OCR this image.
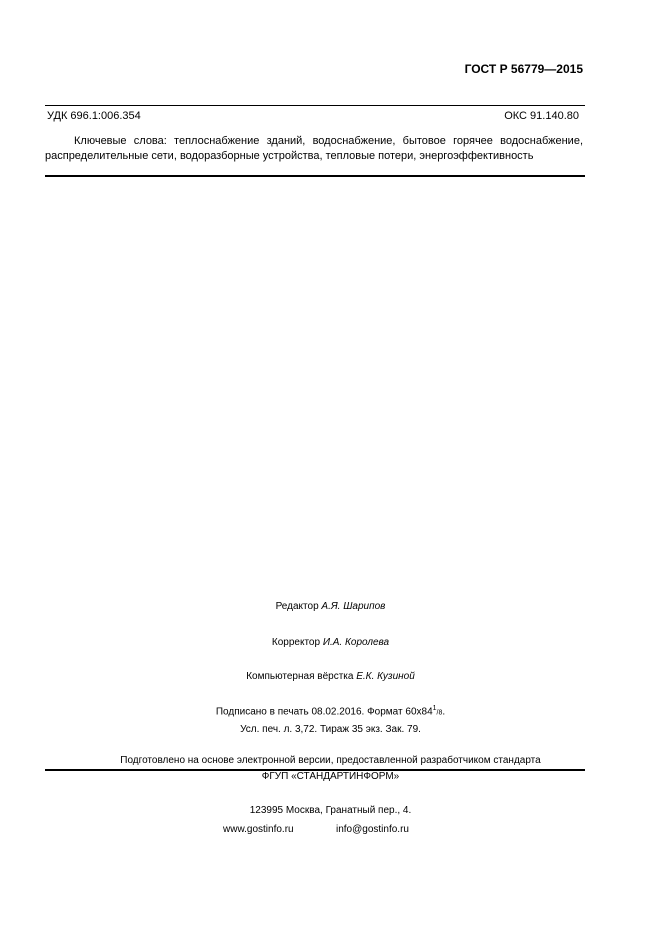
ГОСТ Р 56779—2015
УДК 696.1:006.354	ОКС 91.140.80
Ключевые слова: теплоснабжение зданий, водоснабжение, бытовое горячее водоснабжение, распределительные сети, водоразборные устройства, тепловые потери, энергоэффективность
Редактор А.Я. Шарипов
Корректор И.А. Королева
Компьютерная вёрстка Е.К. Кузиной
Подписано в печать 08.02.2016. Формат $60x84^1/8$.
Усл. печ. л. 3,72. Тираж 35 экз. Зак. 79.
Подготовлено на основе электронной версии, предоставленной разработчиком стандарта
ФГУП «СТАНДАРТИНФОРМ»
123995 Москва, Гранатный пер., 4.
www.gostinfo.ru	info@gostinfo.ru
